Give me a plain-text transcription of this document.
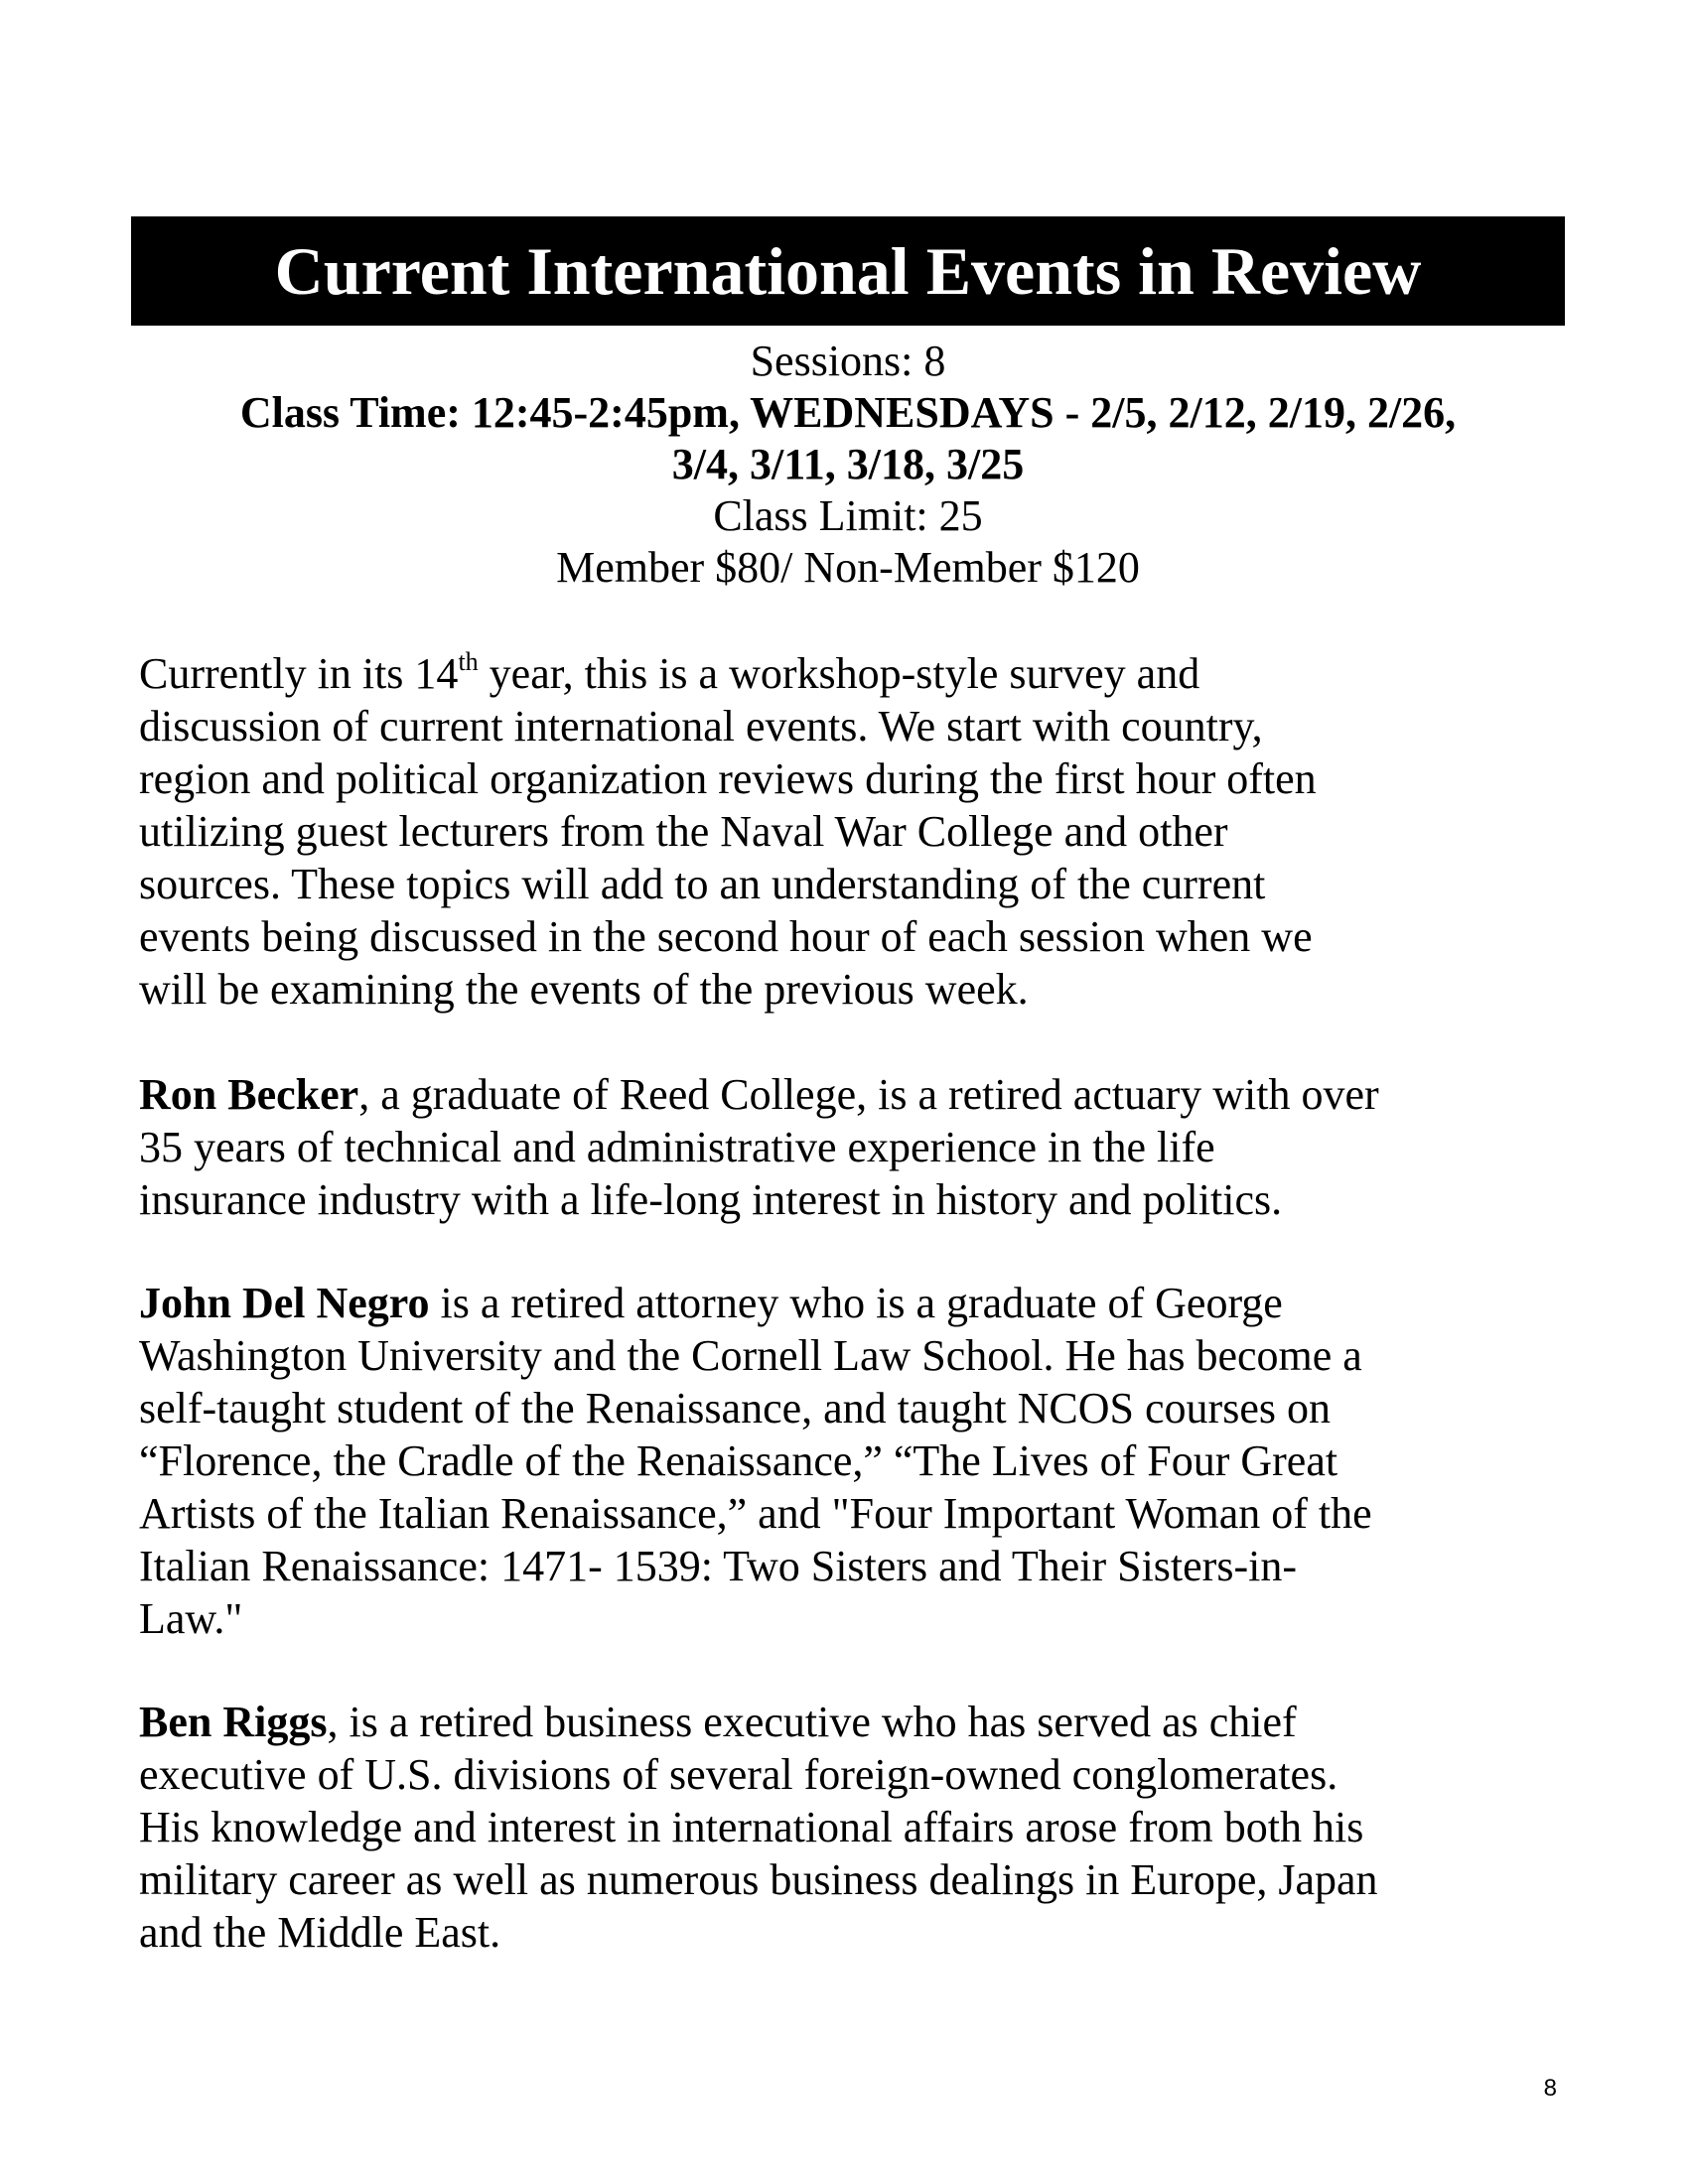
Current International Events in Review
Sessions: 8
Class Time: 12:45-2:45pm, WEDNESDAYS - 2/5, 2/12, 2/19, 2/26,
3/4, 3/11, 3/18, 3/25
Class Limit: 25
Member $80/ Non-Member $120
Currently in its 14th year, this is a workshop-style survey and
discussion of current international events. We start with country,
region and political organization reviews during the first hour often
utilizing guest lecturers from the Naval War College and other
sources. These topics will add to an understanding of the current
events being discussed in the second hour of each session when we
will be examining the events of the previous week.
Ron Becker, a graduate of Reed College, is a retired actuary with over
35 years of technical and administrative experience in the life
insurance industry with a life-long interest in history and politics.
John Del Negro is a retired attorney who is a graduate of George
Washington University and the Cornell Law School. He has become a
self-taught student of the Renaissance, and taught NCOS courses on
“Florence, the Cradle of the Renaissance,” “The Lives of Four Great
Artists of the Italian Renaissance,” and "Four Important Woman of the
Italian Renaissance: 1471- 1539: Two Sisters and Their Sisters-in-
Law."
Ben Riggs, is a retired business executive who has served as chief
executive of U.S. divisions of several foreign-owned conglomerates.
His knowledge and interest in international affairs arose from both his
military career as well as numerous business dealings in Europe, Japan
and the Middle East.
8
